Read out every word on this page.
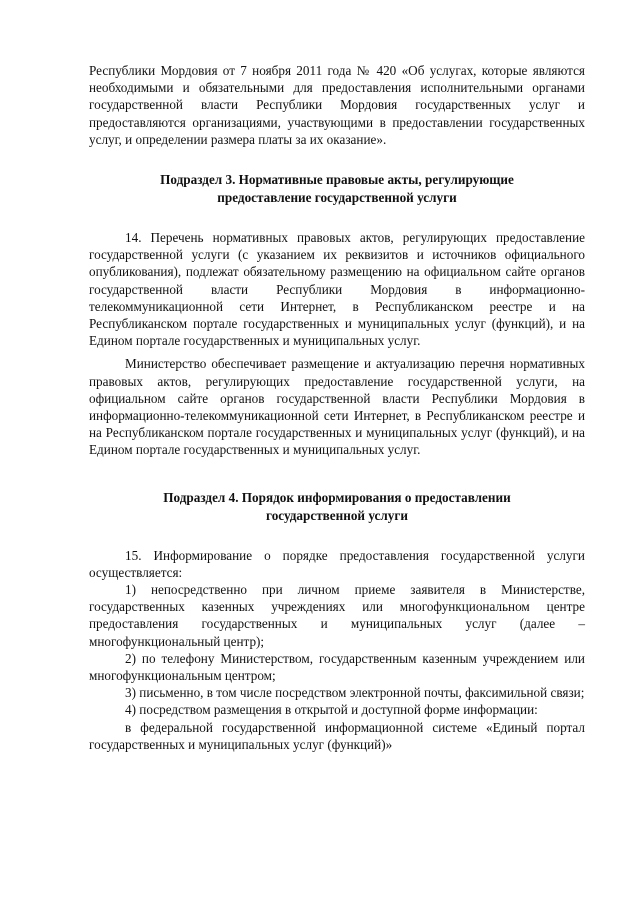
Республики Мордовия от 7 ноября 2011 года № 420 «Об услугах, которые являются необходимыми и обязательными для предоставления исполнительными органами государственной власти Республики Мордовия государственных услуг и предоставляются организациями, участвующими в предоставлении государственных услуг, и определении размера платы за их оказание».

Подраздел 3. Нормативные правовые акты, регулирующие
предоставление государственной услуги

14. Перечень нормативных правовых актов, регулирующих предоставление государственной услуги (с указанием их реквизитов и источников официального опубликования), подлежат обязательному размещению на официальном сайте органов государственной власти Республики Мордовия в информационно-телекоммуникационной сети Интернет, в Республиканском реестре и на Республиканском портале государственных и муниципальных услуг (функций), и на Едином портале государственных и муниципальных услуг.

Министерство обеспечивает размещение и актуализацию перечня нормативных правовых актов, регулирующих предоставление государственной услуги, на официальном сайте органов государственной власти Республики Мордовия в информационно-телекоммуникационной сети Интернет, в Республиканском реестре и на Республиканском портале государственных и муниципальных услуг (функций), и на Едином портале государственных и муниципальных услуг.

Подраздел 4. Порядок информирования о предоставлении
государственной услуги

15. Информирование о порядке предоставления государственной услуги осуществляется:

1) непосредственно при личном приеме заявителя в Министерстве, государственных казенных учреждениях или многофункциональном центре предоставления государственных и муниципальных услуг (далее – многофункциональный центр);

2) по телефону Министерством, государственным казенным учреждением или многофункциональным центром;

3) письменно, в том числе посредством электронной почты, факсимильной связи;

4) посредством размещения в открытой и доступной форме информации:

в федеральной государственной информационной системе «Единый портал государственных и муниципальных услуг (функций)»
